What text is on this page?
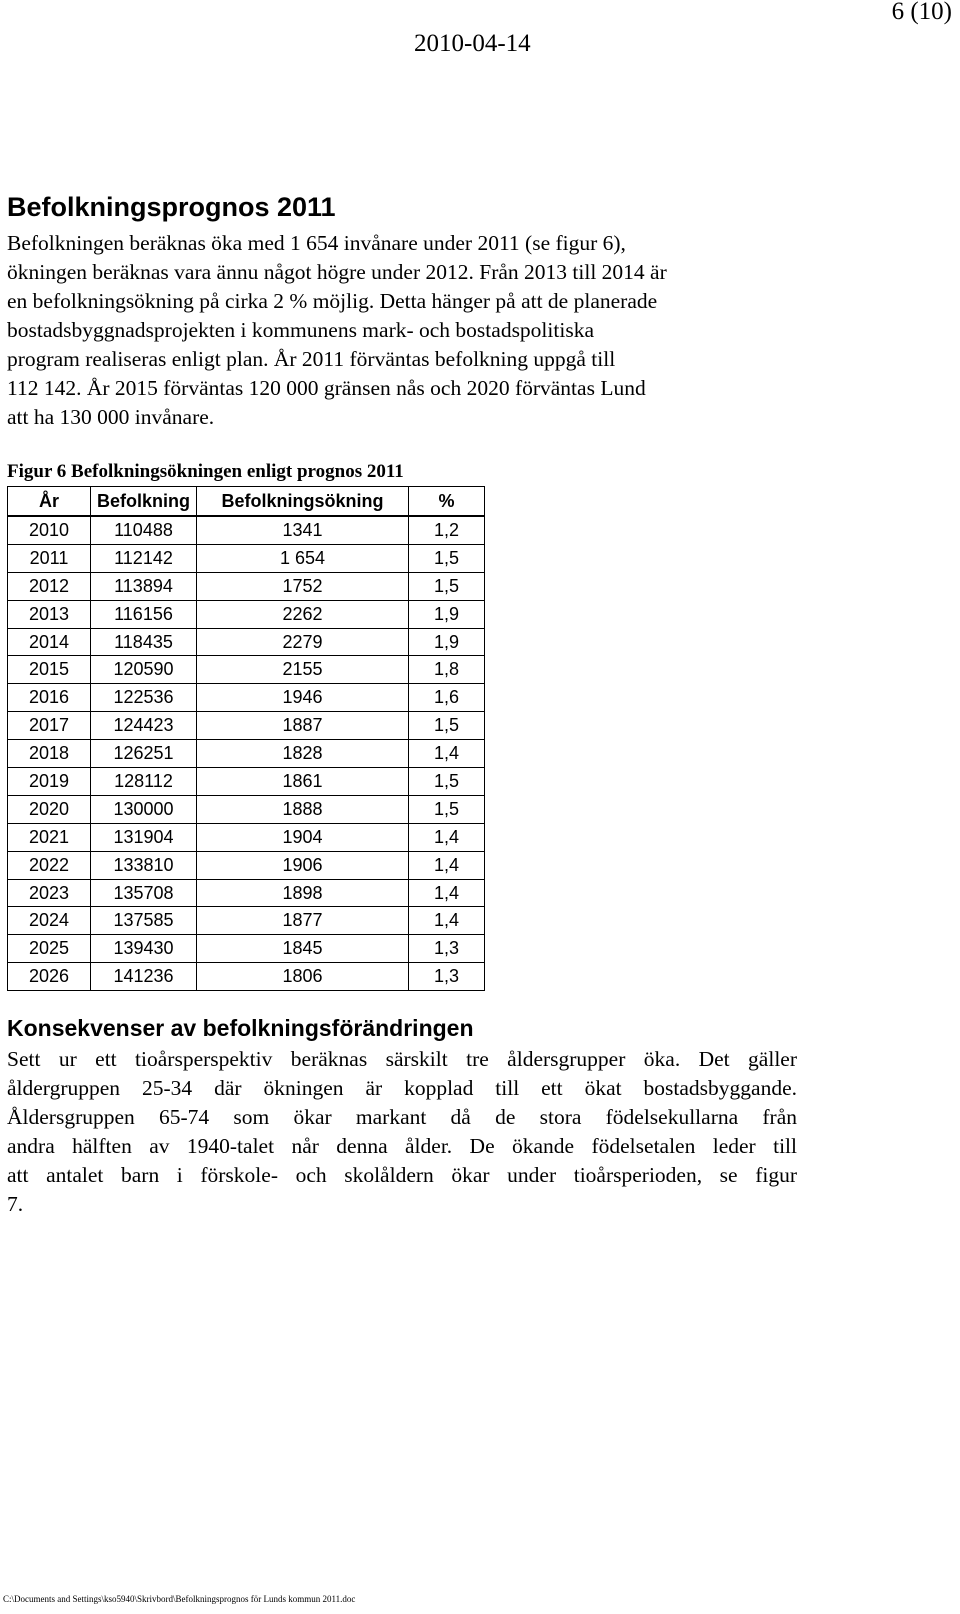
6 (10)
2010-04-14
Befolkningsprognos 2011
Befolkningen beräknas öka med 1 654 invånare under 2011 (se figur 6),
ökningen beräknas vara ännu något högre under 2012. Från 2013 till 2014 är
en befolkningsökning på cirka 2 % möjlig. Detta hänger på att de planerade
bostadsbyggnadsprojekten i kommunens mark- och bostadspolitiska
program realiseras enligt plan. År 2011 förväntas befolkning uppgå till
112 142. År 2015 förväntas 120 000 gränsen nås och 2020 förväntas Lund
att ha 130 000 invånare.
Figur 6 Befolkningsökningen enligt prognos 2011
År	Befolkning	Befolkningsökning	%
2010	110488	1341	1,2
2011	112142	1 654	1,5
2012	113894	1752	1,5
2013	116156	2262	1,9
2014	118435	2279	1,9
2015	120590	2155	1,8
2016	122536	1946	1,6
2017	124423	1887	1,5
2018	126251	1828	1,4
2019	128112	1861	1,5
2020	130000	1888	1,5
2021	131904	1904	1,4
2022	133810	1906	1,4
2023	135708	1898	1,4
2024	137585	1877	1,4
2025	139430	1845	1,3
2026	141236	1806	1,3
Konsekvenser av befolkningsförändringen
Sett ur ett tioårsperspektiv beräknas särskilt tre åldersgrupper öka. Det gäller
åldergruppen 25-34 där ökningen är kopplad till ett ökat bostadsbyggande.
Åldersgruppen 65-74 som ökar markant då de stora födelsekullarna från
andra hälften av 1940-talet når denna ålder. De ökande födelsetalen leder till
att antalet barn i förskole- och skolåldern ökar under tioårsperioden, se figur
7.
C:\Documents and Settings\kso5940\Skrivbord\Befolkningsprognos för Lunds kommun 2011.doc
